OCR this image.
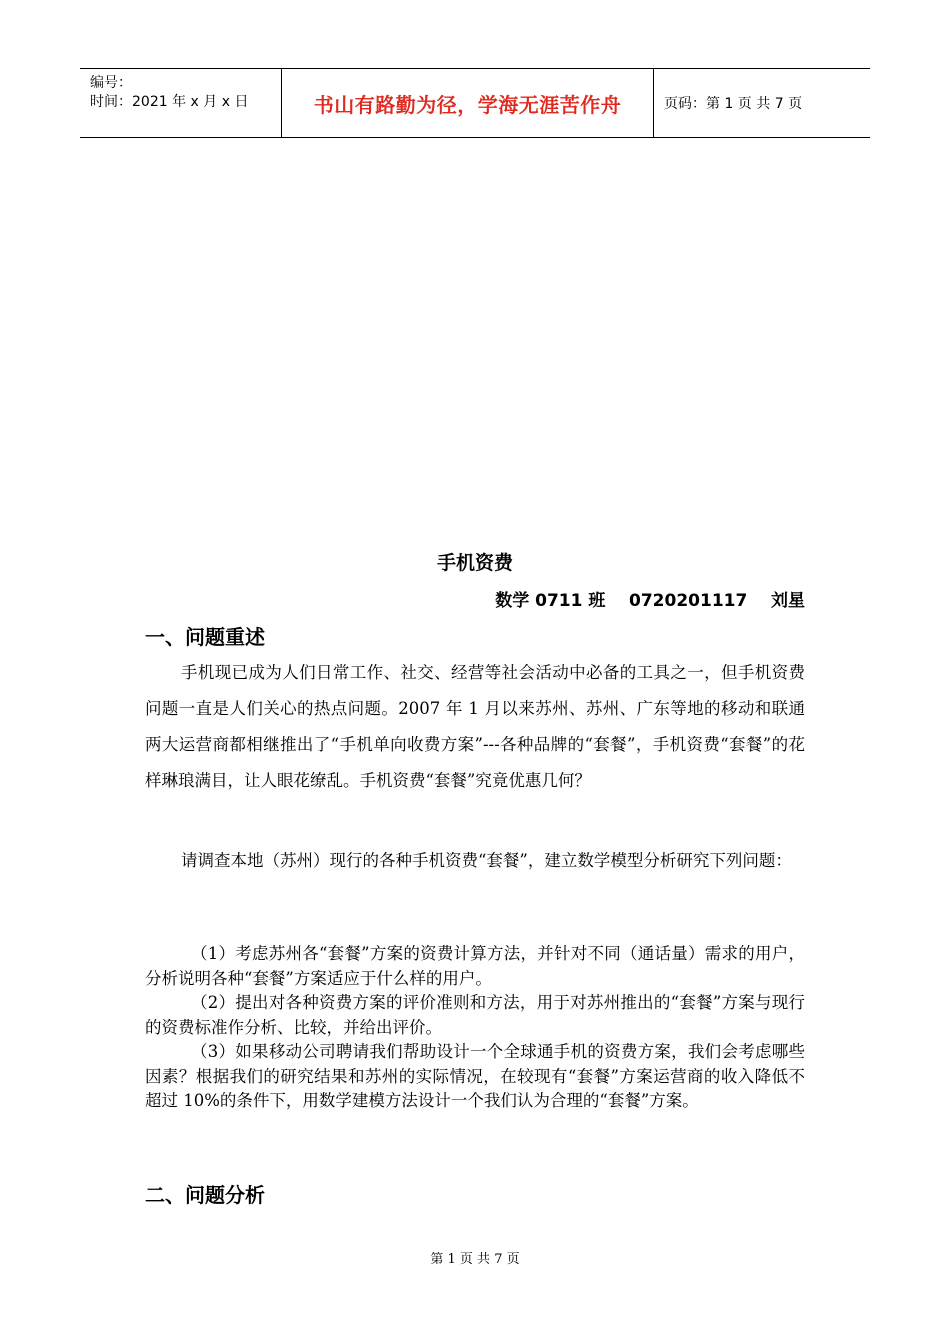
编号：
时间：2021 年 x 月 x 日	书山有路勤为径，学海无涯苦作舟	页码：第 1 页 共 7 页
手机资费
数学 0711 班    0720201117    刘星
一、问题重述
手机现已成为人们日常工作、社交、经营等社会活动中必备的工具之一，但手机资费问题一直是人们关心的热点问题。2007 年 1 月以来苏州、苏州、广东等地的移动和联通两大运营商都相继推出了“手机单向收费方案”---各种品牌的“套餐”，手机资费“套餐”的花样琳琅满目，让人眼花缭乱。手机资费“套餐”究竟优惠几何？
请调查本地（苏州）现行的各种手机资费“套餐”，建立数学模型分析研究下列问题：
（1）考虑苏州各“套餐”方案的资费计算方法，并针对不同（通话量）需求的用户，分析说明各种“套餐”方案适应于什么样的用户。
（2）提出对各种资费方案的评价准则和方法，用于对苏州推出的“套餐”方案与现行的资费标准作分析、比较，并给出评价。
（3）如果移动公司聘请我们帮助设计一个全球通手机的资费方案，我们会考虑哪些因素？根据我们的研究结果和苏州的实际情况，在较现有“套餐”方案运营商的收入降低不超过 10%的条件下，用数学建模方法设计一个我们认为合理的“套餐”方案。
二、问题分析
第 1 页 共 7 页
